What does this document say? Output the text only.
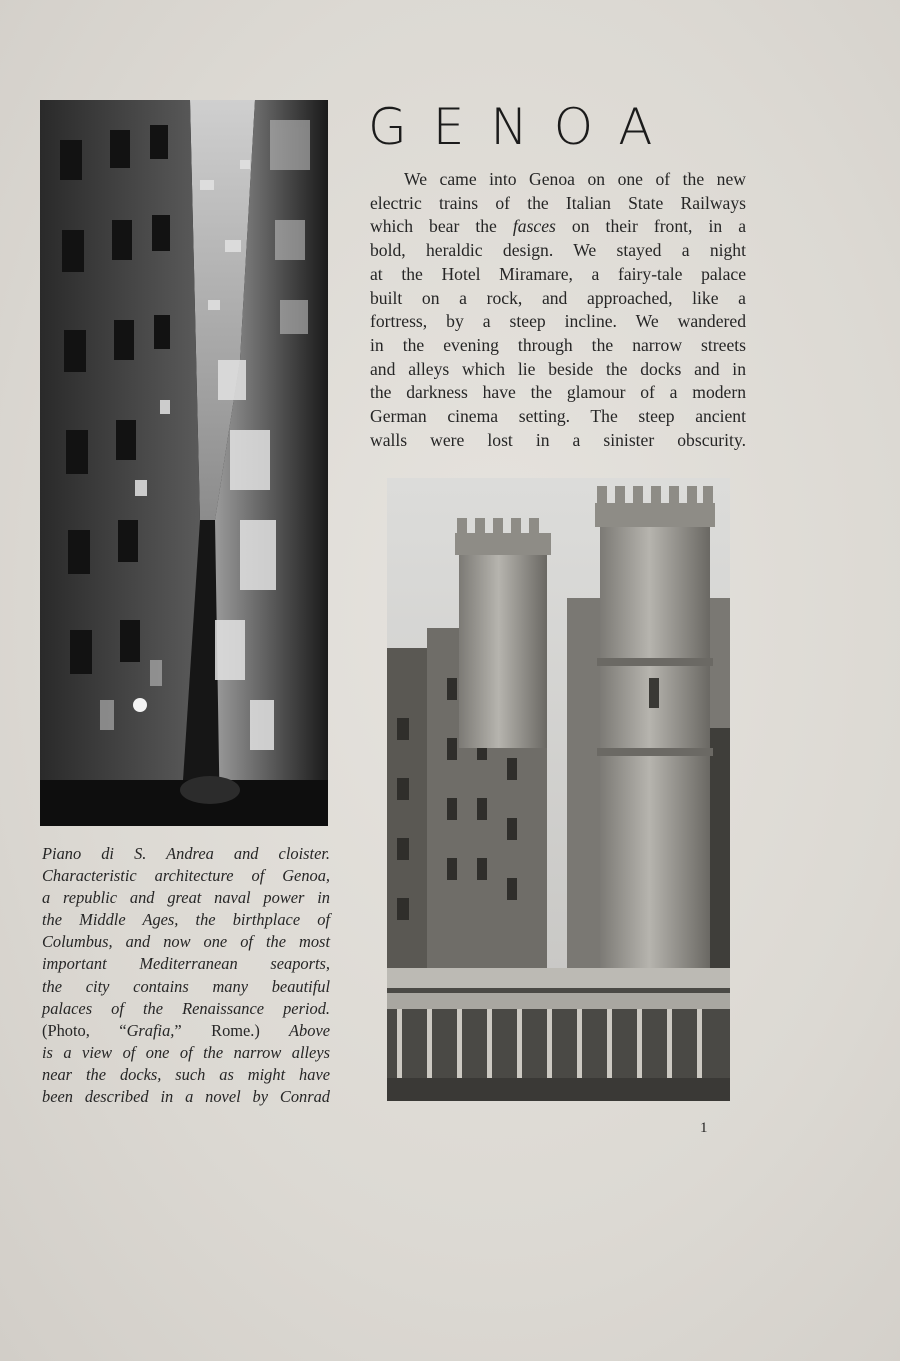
GENOA
We came into Genoa on one of the new
electric trains of the Italian State Railways
which bear the fasces on their front, in a
bold, heraldic design. We stayed a night
at the Hotel Miramare, a fairy-tale palace
built on a rock, and approached, like a
fortress, by a steep incline. We wandered
in the evening through the narrow streets
and alleys which lie beside the docks and in
the darkness have the glamour of a modern
German cinema setting. The steep ancient
walls were lost in a sinister obscurity.
Piano di S. Andrea and cloister.
Characteristic architecture of Genoa,
a republic and great naval power in
the Middle Ages, the birthplace of
Columbus, and now one of the most
important Mediterranean seaports,
the city contains many beautiful
palaces of the Renaissance period.
(Photo, “Grafia,” Rome.) Above
is a view of one of the narrow alleys
near the docks, such as might have
been described in a novel by Conrad
1
